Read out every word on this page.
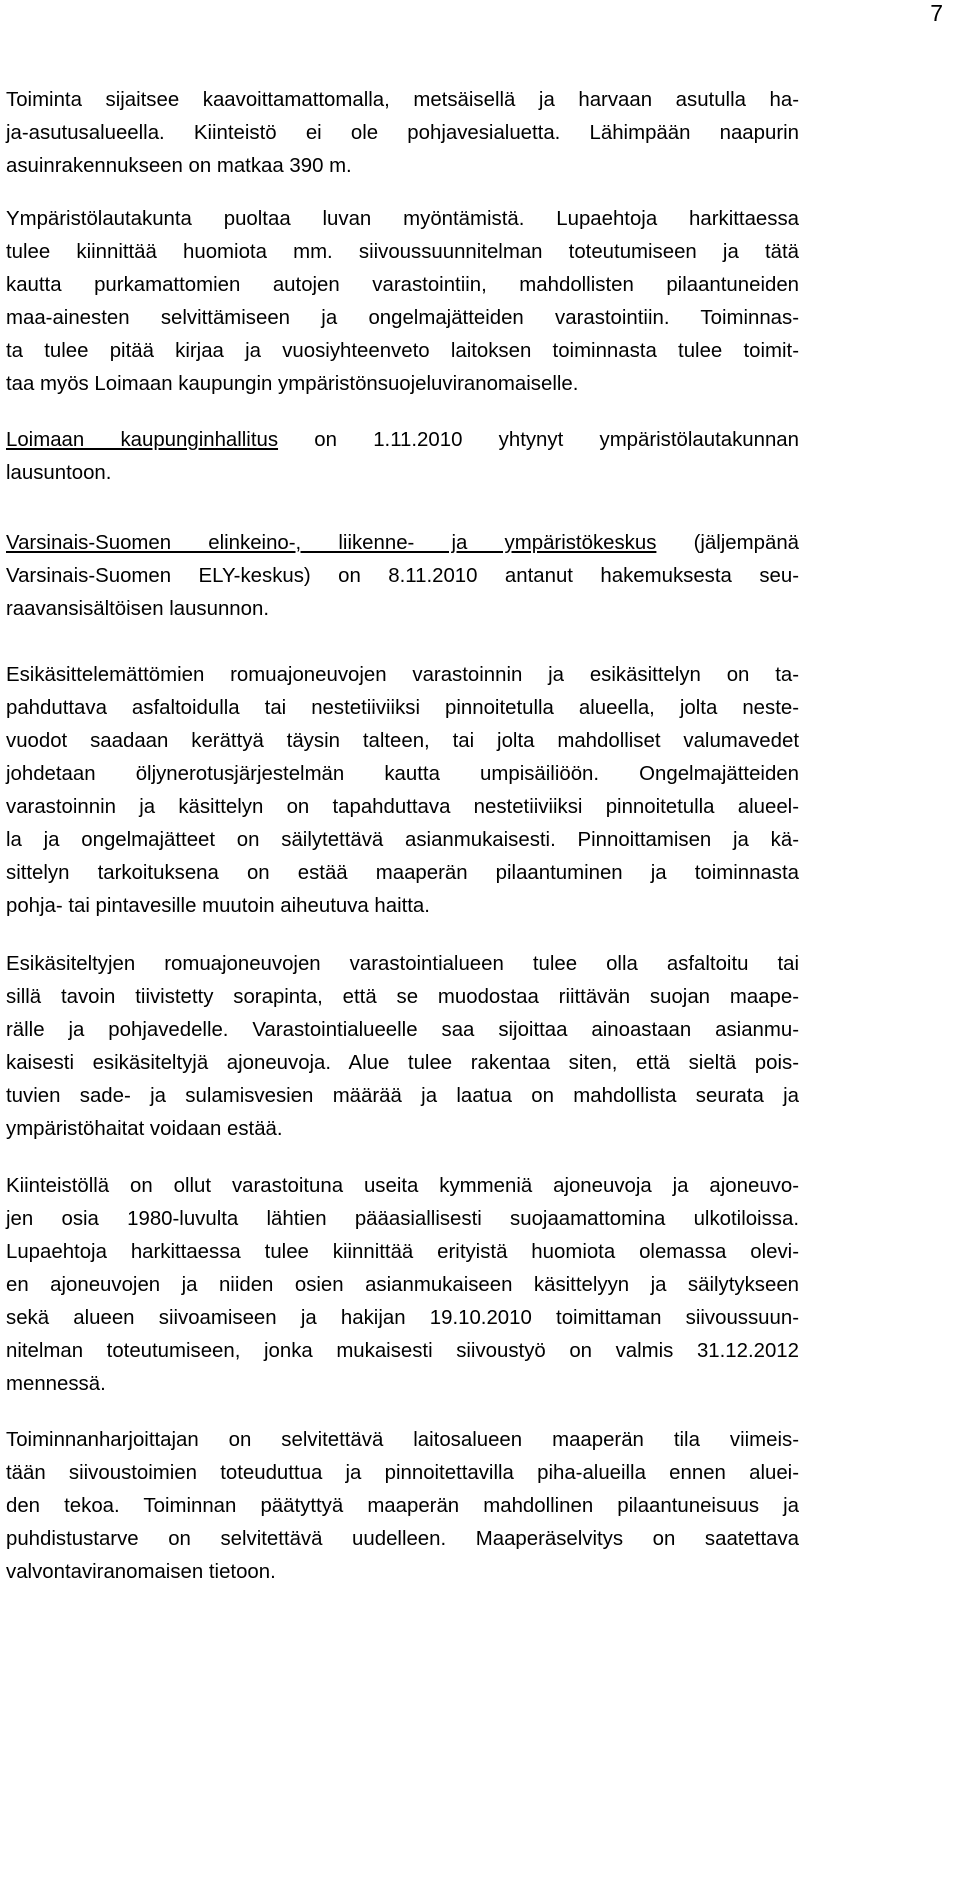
7

Toiminta sijaitsee kaavoittamattomalla, metsäisellä ja harvaan asutulla ha-
ja-asutusalueella. Kiinteistö ei ole pohjavesialuetta. Lähimpään naapurin
asuinrakennukseen on matkaa 390 m.

Ympäristölautakunta puoltaa luvan myöntämistä. Lupaehtoja harkittaessa
tulee kiinnittää huomiota mm. siivoussuunnitelman toteutumiseen ja tätä
kautta purkamattomien autojen varastointiin, mahdollisten pilaantuneiden
maa-ainesten selvittämiseen ja ongelmajätteiden varastointiin. Toiminnas-
ta tulee pitää kirjaa ja vuosiyhteenveto laitoksen toiminnasta tulee toimit-
taa myös Loimaan kaupungin ympäristönsuojeluviranomaiselle.

Loimaan kaupunginhallitus on 1.11.2010 yhtynyt ympäristölautakunnan
lausuntoon.

Varsinais-Suomen elinkeino-, liikenne- ja ympäristökeskus (jäljempänä
Varsinais-Suomen ELY-keskus) on 8.11.2010 antanut hakemuksesta seu-
raavansisältöisen lausunnon.

Esikäsittelemättömien romuajoneuvojen varastoinnin ja esikäsittelyn on ta-
pahduttava asfaltoidulla tai nestetiiviiksi pinnoitetulla alueella, jolta neste-
vuodot saadaan kerättyä täysin talteen, tai jolta mahdolliset valumavedet
johdetaan öljynerotusjärjestelmän kautta umpisäiliöön. Ongelmajätteiden
varastoinnin ja käsittelyn on tapahduttava nestetiiviiksi pinnoitetulla alueel-
la ja ongelmajätteet on säilytettävä asianmukaisesti. Pinnoittamisen ja kä-
sittelyn tarkoituksena on estää maaperän pilaantuminen ja toiminnasta
pohja- tai pintavesille muutoin aiheutuva haitta.

Esikäsiteltyjen romuajoneuvojen varastointialueen tulee olla asfaltoitu tai
sillä tavoin tiivistetty sorapinta, että se muodostaa riittävän suojan maape-
rälle ja pohjavedelle. Varastointialueelle saa sijoittaa ainoastaan asianmu-
kaisesti esikäsiteltyjä ajoneuvoja. Alue tulee rakentaa siten, että sieltä pois-
tuvien sade- ja sulamisvesien määrää ja laatua on mahdollista seurata ja
ympäristöhaitat voidaan estää.

Kiinteistöllä on ollut varastoituna useita kymmeniä ajoneuvoja ja ajoneuvo-
jen osia 1980-luvulta lähtien pääasiallisesti suojaamattomina ulkotiloissa.
Lupaehtoja harkittaessa tulee kiinnittää erityistä huomiota olemassa olevi-
en ajoneuvojen ja niiden osien asianmukaiseen käsittelyyn ja säilytykseen
sekä alueen siivoamiseen ja hakijan 19.10.2010 toimittaman siivoussuun-
nitelman toteutumiseen, jonka mukaisesti siivoustyö on valmis 31.12.2012
mennessä.

Toiminnanharjoittajan on selvitettävä laitosalueen maaperän tila viimeis-
tään siivoustoimien toteuduttua ja pinnoitettavilla piha-alueilla ennen aluei-
den tekoa. Toiminnan päätyttyä maaperän mahdollinen pilaantuneisuus ja
puhdistustarve on selvitettävä uudelleen. Maaperäselvitys on saatettava
valvontaviranomaisen tietoon.
